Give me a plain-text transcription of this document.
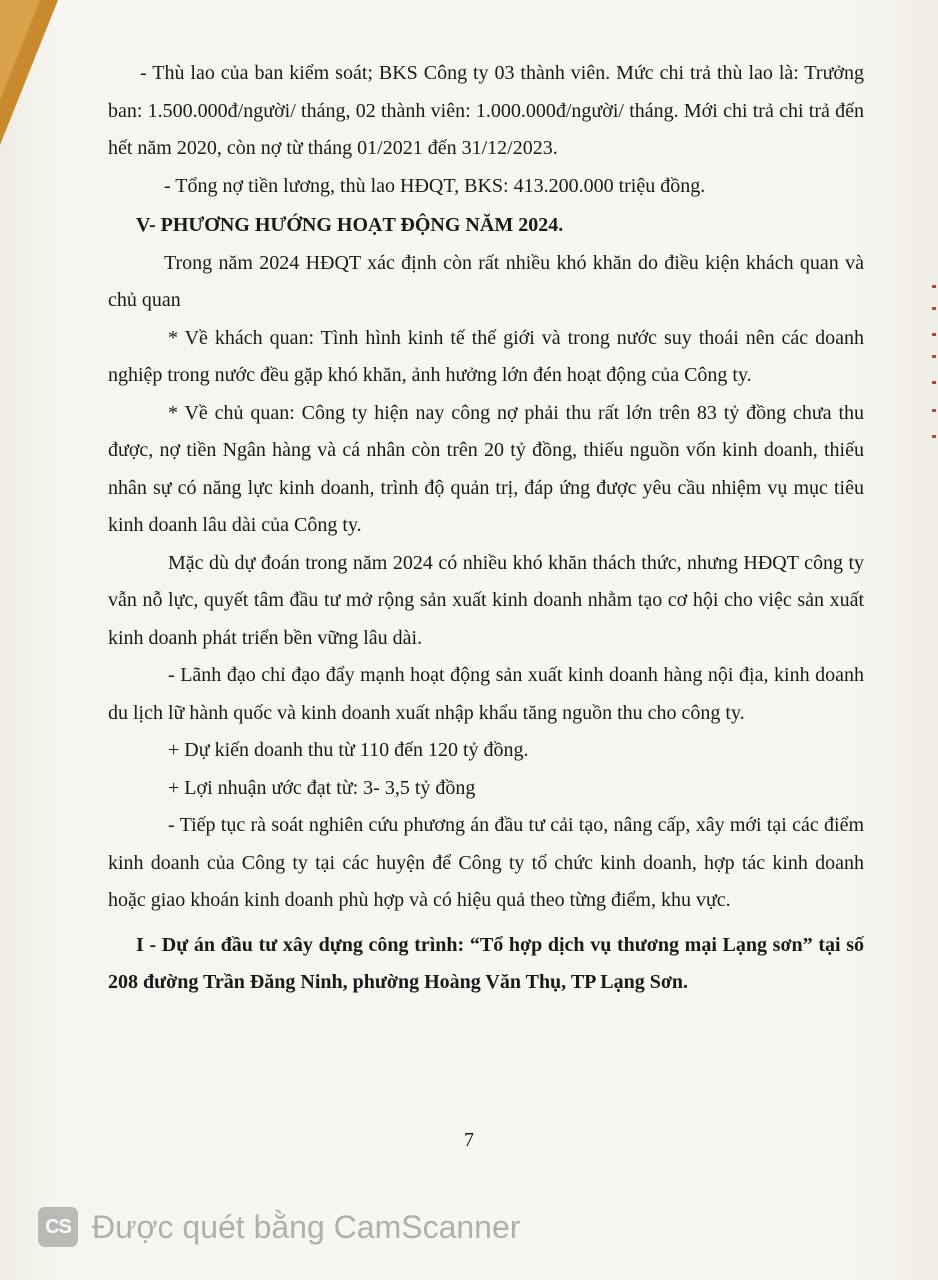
- Thù lao của ban kiểm soát; BKS Công ty 03 thành viên. Mức chi trả thù lao là: Trưởng ban: 1.500.000đ/người/ tháng, 02 thành viên: 1.000.000đ/người/ tháng. Mới chi trả chi trả đến hết năm 2020, còn nợ từ tháng 01/2021 đến 31/12/2023.

- Tổng nợ tiền lương, thù lao HĐQT, BKS: 413.200.000 triệu đồng.

V- PHƯƠNG HƯỚNG HOẠT ĐỘNG NĂM 2024.

Trong năm 2024 HĐQT xác định còn rất nhiều khó khăn do điều kiện khách quan và chủ quan

* Về khách quan: Tình hình kinh tế thế giới và trong nước suy thoái nên các doanh nghiệp trong nước đều gặp khó khăn, ảnh hưởng lớn đén hoạt động của Công ty.

* Về chủ quan: Công ty hiện nay công nợ phải thu rất lớn trên 83 tỷ đồng chưa thu được, nợ tiền Ngân hàng và cá nhân còn trên 20 tỷ đồng, thiếu nguồn vốn kinh doanh, thiếu nhân sự có năng lực kinh doanh, trình độ quản trị, đáp ứng được yêu cầu nhiệm vụ mục tiêu kinh doanh lâu dài của Công ty.

Mặc dù dự đoán trong năm 2024 có nhiều khó khăn thách thức, nhưng HĐQT công ty vẫn nỗ lực, quyết tâm đầu tư mở rộng sản xuất kinh doanh nhằm tạo cơ hội cho việc sản xuất kinh doanh phát triển bền vững lâu dài.

- Lãnh đạo chỉ đạo đẩy mạnh hoạt động sản xuất kinh doanh hàng nội địa, kinh doanh du lịch lữ hành quốc và kinh doanh xuất nhập khẩu tăng nguồn thu cho công ty.

+ Dự kiến doanh thu từ 110 đến 120 tỷ đồng.

+ Lợi nhuận ước đạt từ: 3- 3,5 tỷ đồng

- Tiếp tục rà soát nghiên cứu phương án đầu tư cải tạo, nâng cấp, xây mới tại các điểm kinh doanh của Công ty tại các huyện để Công ty tổ chức kinh doanh, hợp tác kinh doanh hoặc giao khoán kinh doanh phù hợp và có hiệu quả theo từng điểm, khu vực.

I - Dự án đầu tư xây dựng công trình: “Tổ hợp dịch vụ thương mại Lạng sơn” tại số 208 đường Trần Đăng Ninh, phường Hoàng Văn Thụ, TP Lạng Sơn.

7
CS Được quét bằng CamScanner
